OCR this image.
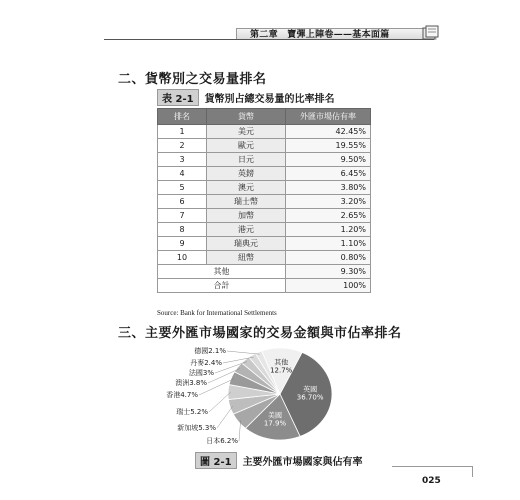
第二章　寶彈上陣卷——基本面篇
二、貨幣別之交易量排名
表 2-1 貨幣別占總交易量的比率排名
排名	貨幣	外匯市場佔有率
1	美元	42.45%
2	歐元	19.55%
3	日元	9.50%
4	英鎊	6.45%
5	澳元	3.80%
6	瑞士幣	3.20%
7	加幣	2.65%
8	港元	1.20%
9	瑞典元	1.10%
10	紐幣	0.80%
其他		9.30%
合計		100%
Source: Bank for International Settlements
三、主要外匯市場國家的交易金額與市佔率排名
英國 36.70%
美國 17.9%
日本6.2%
新加坡5.3%
瑞士5.2%
香港4.7%
澳洲3.8%
法國3%
丹麥2.4%
德國2.1%
其他 12.7%
圖 2-1 主要外匯市場國家與佔有率
025
